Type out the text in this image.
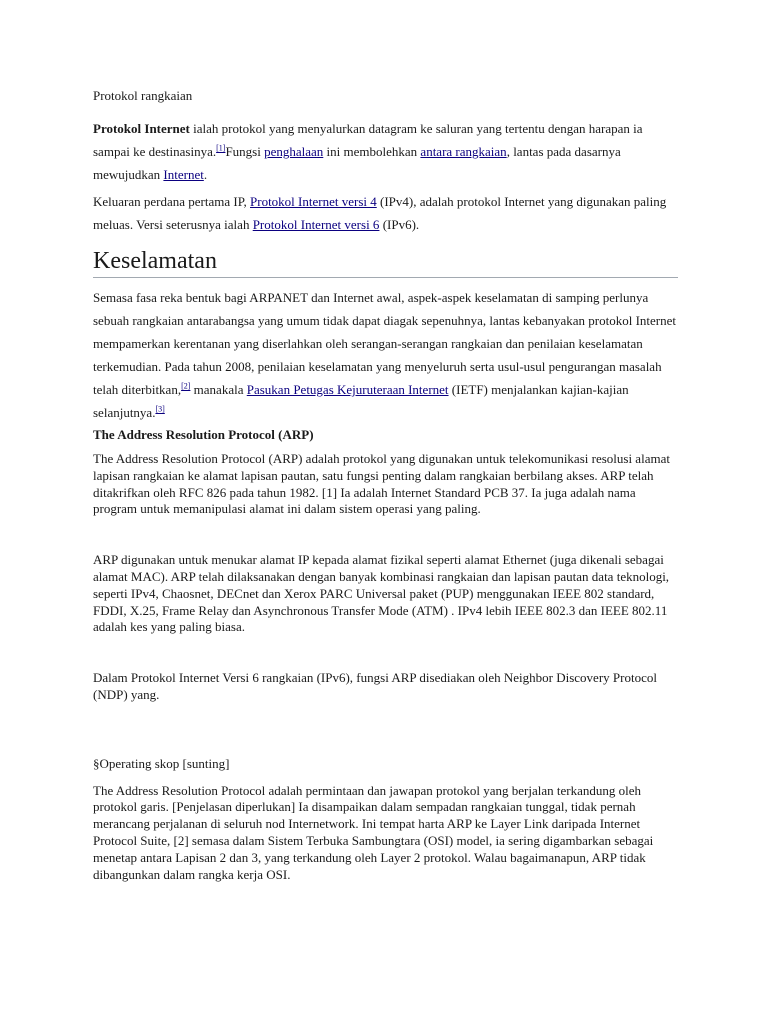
Protokol rangkaian

Protokol Internet ialah protokol yang menyalurkan datagram ke saluran yang tertentu dengan harapan ia sampai ke destinasinya.[1]Fungsi penghalaan ini membolehkan antara rangkaian, lantas pada dasarnya mewujudkan Internet.

Keluaran perdana pertama IP, Protokol Internet versi 4 (IPv4), adalah protokol Internet yang digunakan paling meluas. Versi seterusnya ialah Protokol Internet versi 6 (IPv6).

Keselamatan

Semasa fasa reka bentuk bagi ARPANET dan Internet awal, aspek-aspek keselamatan di samping perlunya sebuah rangkaian antarabangsa yang umum tidak dapat diagak sepenuhnya, lantas kebanyakan protokol Internet mempamerkan kerentanan yang diserlahkan oleh serangan-serangan rangkaian dan penilaian keselamatan terkemudian. Pada tahun 2008, penilaian keselamatan yang menyeluruh serta usul-usul pengurangan masalah telah diterbitkan,[2] manakala Pasukan Petugas Kejuruteraan Internet (IETF) menjalankan kajian-kajian selanjutnya.[3]

The Address Resolution Protocol (ARP)

The Address Resolution Protocol (ARP) adalah protokol yang digunakan untuk telekomunikasi resolusi alamat lapisan rangkaian ke alamat lapisan pautan, satu fungsi penting dalam rangkaian berbilang akses. ARP telah ditakrifkan oleh RFC 826 pada tahun 1982. [1] Ia adalah Internet Standard PCB 37. Ia juga adalah nama program untuk memanipulasi alamat ini dalam sistem operasi yang paling.

ARP digunakan untuk menukar alamat IP kepada alamat fizikal seperti alamat Ethernet (juga dikenali sebagai alamat MAC). ARP telah dilaksanakan dengan banyak kombinasi rangkaian dan lapisan pautan data teknologi, seperti IPv4, Chaosnet, DECnet dan Xerox PARC Universal paket (PUP) menggunakan IEEE 802 standard, FDDI, X.25, Frame Relay dan Asynchronous Transfer Mode (ATM) . IPv4 lebih IEEE 802.3 dan IEEE 802.11 adalah kes yang paling biasa.

Dalam Protokol Internet Versi 6 rangkaian (IPv6), fungsi ARP disediakan oleh Neighbor Discovery Protocol (NDP) yang.

§Operating skop [sunting]

The Address Resolution Protocol adalah permintaan dan jawapan protokol yang berjalan terkandung oleh protokol garis. [Penjelasan diperlukan] Ia disampaikan dalam sempadan rangkaian tunggal, tidak pernah merancang perjalanan di seluruh nod Internetwork. Ini tempat harta ARP ke Layer Link daripada Internet Protocol Suite, [2] semasa dalam Sistem Terbuka Sambungtara (OSI) model, ia sering digambarkan sebagai menetap antara Lapisan 2 dan 3, yang terkandung oleh Layer 2 protokol. Walau bagaimanapun, ARP tidak dibangunkan dalam rangka kerja OSI.
